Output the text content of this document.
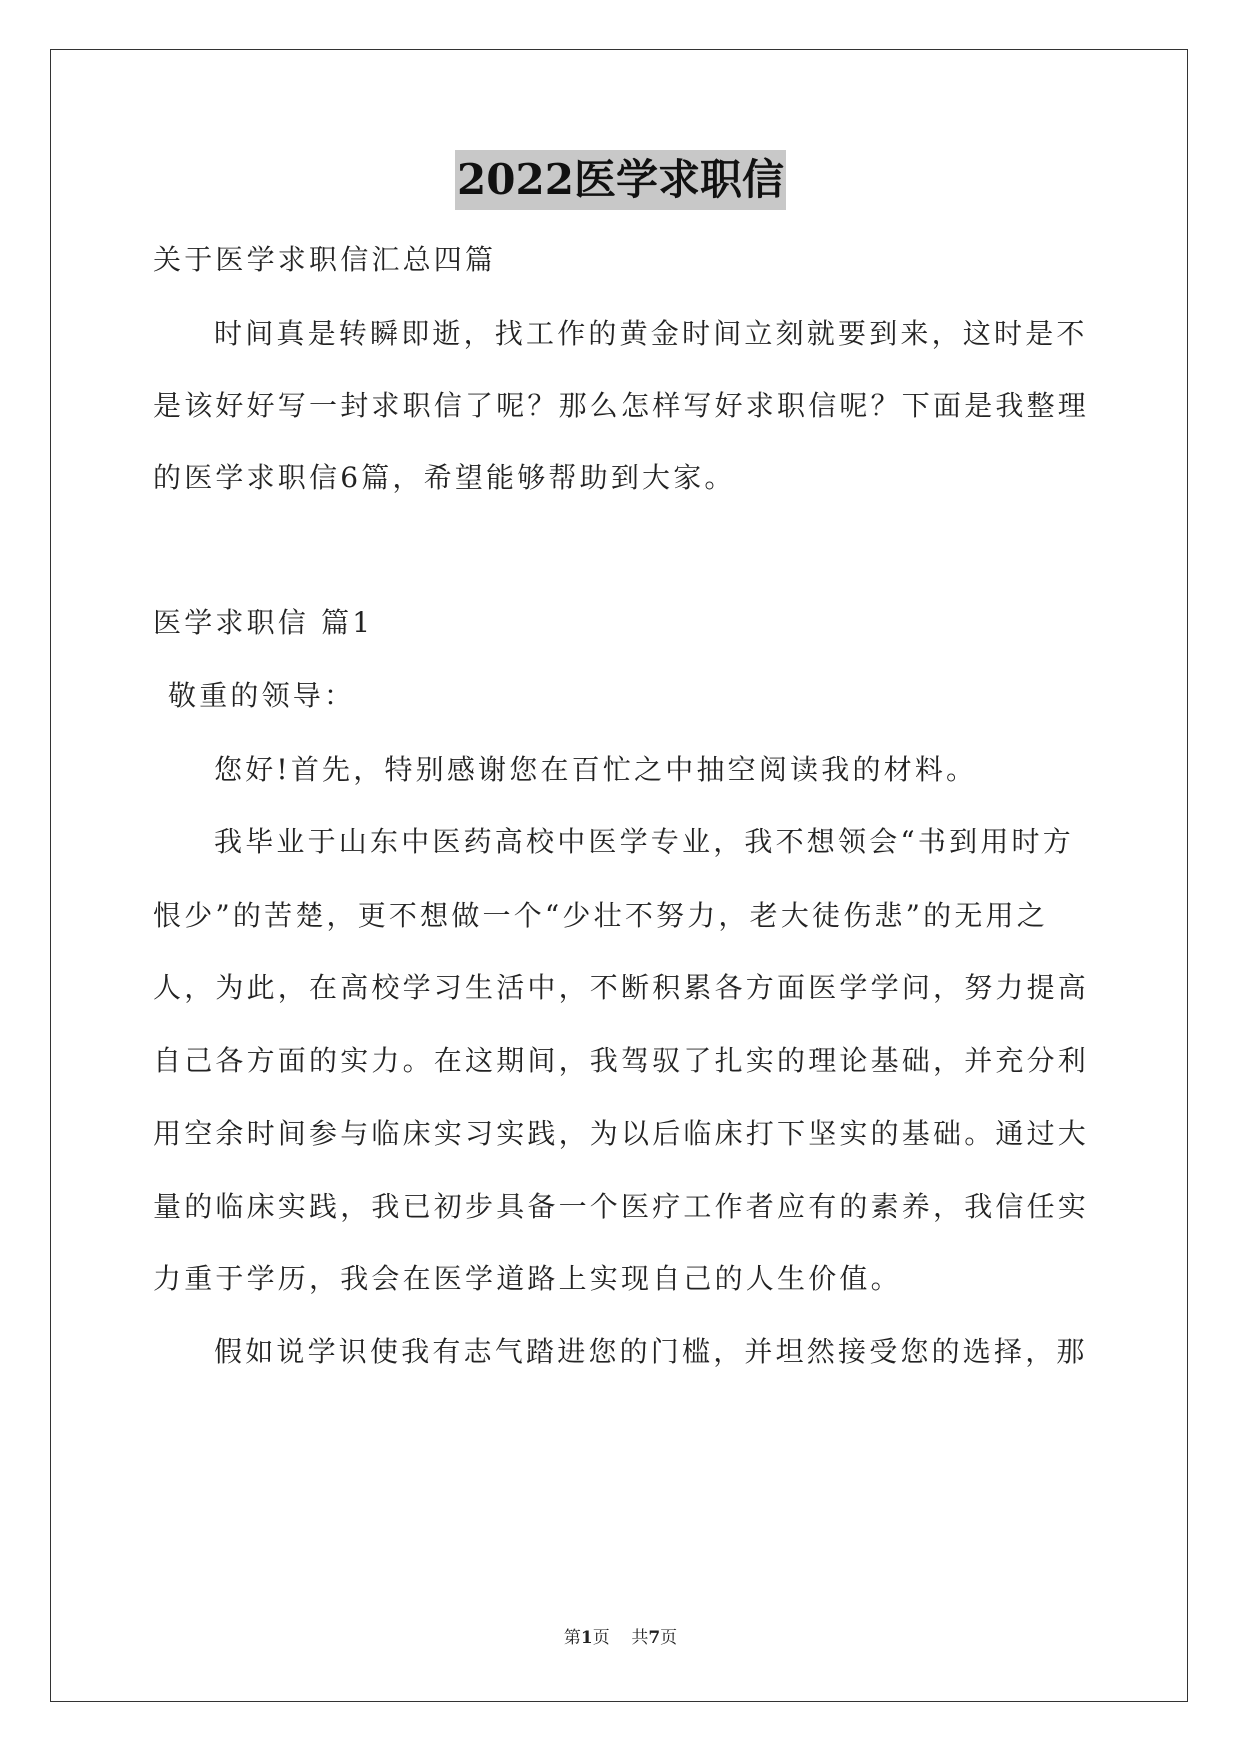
2022医学求职信
关于医学求职信汇总四篇
时间真是转瞬即逝，找工作的黄金时间立刻就要到来，这时是不
是该好好写一封求职信了呢？那么怎样写好求职信呢？下面是我整理
的医学求职信6篇，希望能够帮助到大家。
医学求职信 篇1
敬重的领导：
您好!首先，特别感谢您在百忙之中抽空阅读我的材料。
我毕业于山东中医药高校中医学专业，我不想领会“书到用时方
恨少”的苦楚，更不想做一个“少壮不努力，老大徒伤悲”的无用之
人，为此，在高校学习生活中，不断积累各方面医学学问，努力提高
自己各方面的实力。在这期间，我驾驭了扎实的理论基础，并充分利
用空余时间参与临床实习实践，为以后临床打下坚实的基础。通过大
量的临床实践，我已初步具备一个医疗工作者应有的素养，我信任实
力重于学历，我会在医学道路上实现自己的人生价值。
假如说学识使我有志气踏进您的门槛，并坦然接受您的选择，那
第1页 共7页
